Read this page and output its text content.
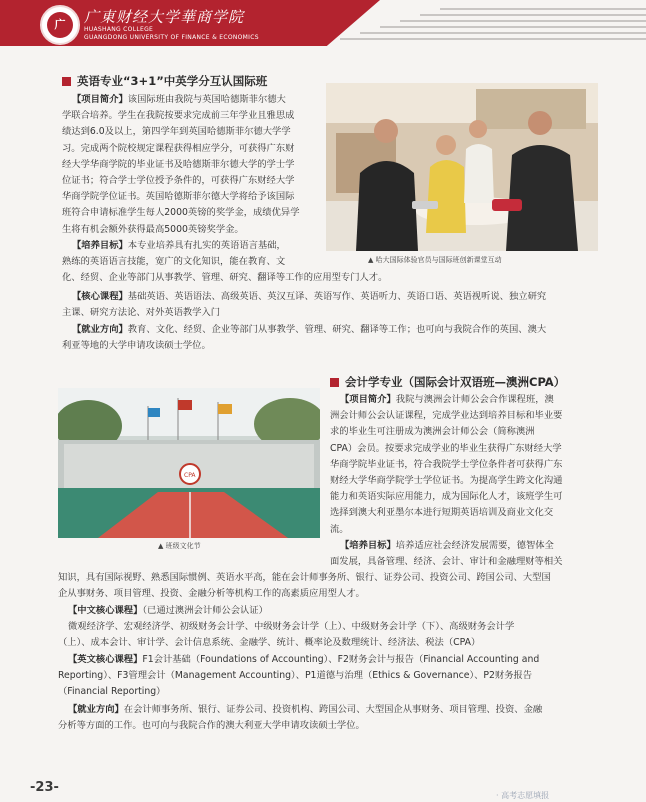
广	广東财经大学華商学院
HUASHANG COLLEGE
GUANGDONG UNIVERSITY OF FINANCE & ECONOMICS
英语专业“3+1”中英学分互认国际班
【项目简介】该国际班由我院与英国哈德斯菲尔德大
学联合培养。学生在我院按要求完成前三年学业且雅思成
绩达到6.0及以上，第四学年到英国哈德斯菲尔德大学学
习。完成两个院校规定课程获得相应学分，可获得广东财
经大学华商学院的毕业证书及哈德斯菲尔德大学的学士学
位证书；符合学士学位授予条件的，可获得广东财经大学
华商学院学位证书。英国哈德斯菲尔德大学将给予该国际
班符合申请标准学生每人2000英镑的奖学金，成绩优异学
生将有机会额外获得最高5000英镑奖学金。
【培养目标】本专业培养具有扎实的英语语言基础，
熟练的英语语言技能，宽广的文化知识，能在教育、文
化、经贸、企业等部门从事教学、管理、研究、翻译等工作的应用型专门人才。
【核心课程】基础英语、英语语法、高级英语、英汉互译、英语写作、英语听力、英语口语、英语视听说、独立研究
主课、研究方法论、对外英语教学入门
【就业方向】教育、文化、经贸、企业等部门从事教学、管理、研究、翻译等工作；也可向与我院合作的英国、澳大
利亚等地的大学申请攻读硕士学位。
▲ 哈大国际体验官员与国际班创新课堂互动
CPA
▲ 班级文化节
会计学专业（国际会计双语班—澳洲CPA）
【项目简介】我院与澳洲会计师公会合作课程班，澳
洲会计师公会认证课程，完成学业达到培养目标和毕业要
求的毕业生可注册成为澳洲会计师公会（简称澳洲
CPA）会员。按要求完成学业的毕业生获得广东财经大学
华商学院毕业证书，符合我院学士学位条件者可获得广东
财经大学华商学院学士学位证书。为提高学生跨文化沟通
能力和英语实际应用能力，成为国际化人才，该班学生可
选择到澳大利亚墨尔本进行短期英语培训及商业文化交
流。
【培养目标】培养适应社会经济发展需要，德智体全
面发展，具备管理、经济、会计、审计和金融理财等相关
知识，具有国际视野、熟悉国际惯例、英语水平高，能在会计师事务所、银行、证券公司、投资公司、跨国公司、大型国
企从事财务、项目管理、投资、金融分析等机构工作的高素质应用型人才。
【中文核心课程】（已通过澳洲会计师公会认证）
微观经济学、宏观经济学、初级财务会计学、中级财务会计学（上）、中级财务会计学（下）、高级财务会计学
（上）、成本会计、审计学、会计信息系统、金融学、统计、概率论及数理统计、经济法、税法（CPA）
【英文核心课程】F1会计基础（Foundations of Accounting）、F2财务会计与报告（Financial Accounting and
Reporting）、F3管理会计（Management Accounting）、P1道德与治理（Ethics & Governance）、P2财务报告
（Financial Reporting）
【就业方向】在会计师事务所、银行、证券公司、投资机构、跨国公司、大型国企从事财务、项目管理、投资、金融
分析等方面的工作。也可向与我院合作的澳大利亚大学申请攻读硕士学位。
-23-
· 高考志愿填报
